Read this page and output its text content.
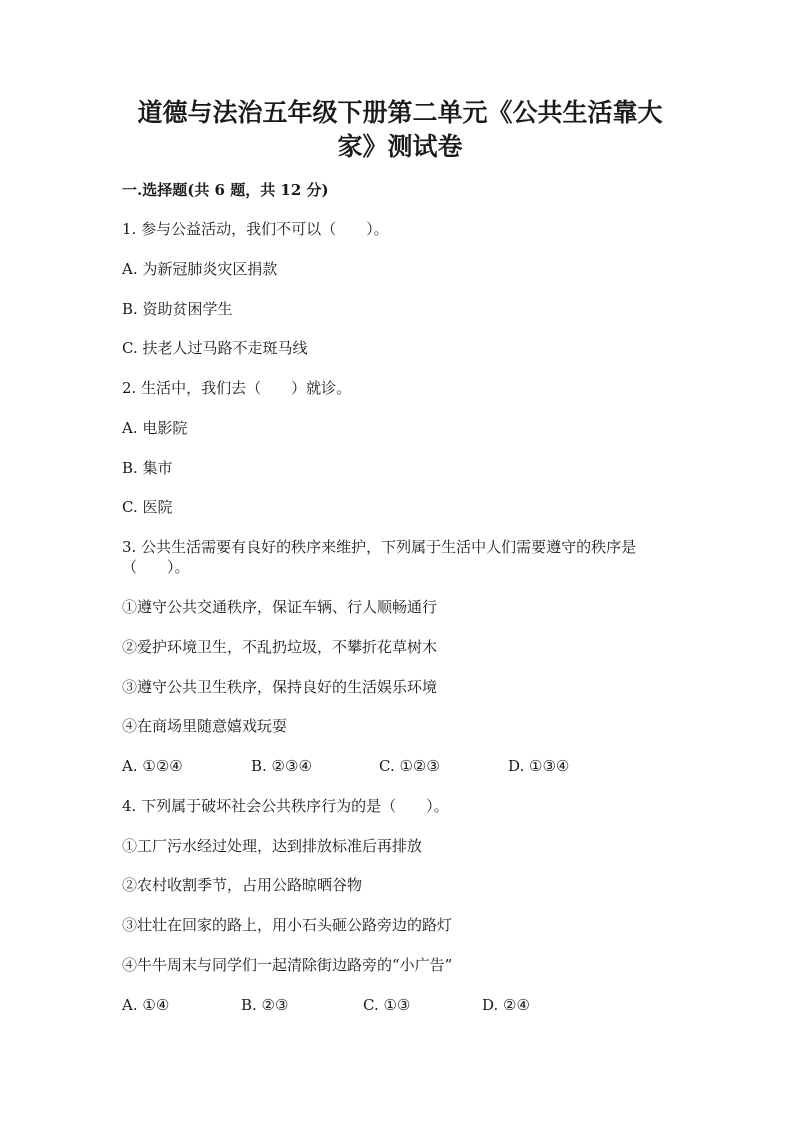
道德与法治五年级下册第二单元《公共生活靠大
家》测试卷

一.选择题(共 6 题，共 12 分)

1. 参与公益活动，我们不可以（　　）。

A. 为新冠肺炎灾区捐款

B. 资助贫困学生

C. 扶老人过马路不走斑马线

2. 生活中，我们去（　　）就诊。

A. 电影院

B. 集市

C. 医院

3. 公共生活需要有良好的秩序来维护，下列属于生活中人们需要遵守的秩序是

（　　）。

①遵守公共交通秩序，保证车辆、行人顺畅通行

②爱护环境卫生，不乱扔垃圾，不攀折花草树木

③遵守公共卫生秩序，保持良好的生活娱乐环境

④在商场里随意嬉戏玩耍

A. ①②④	B. ②③④	C. ①②③	D. ①③④

4. 下列属于破坏社会公共秩序行为的是（　　）。

①工厂污水经过处理，达到排放标准后再排放

②农村收割季节，占用公路晾晒谷物

③壮壮在回家的路上，用小石头砸公路旁边的路灯

④牛牛周末与同学们一起清除街边路旁的“小广告”

A. ①④	B. ②③	C. ①③	D. ②④
